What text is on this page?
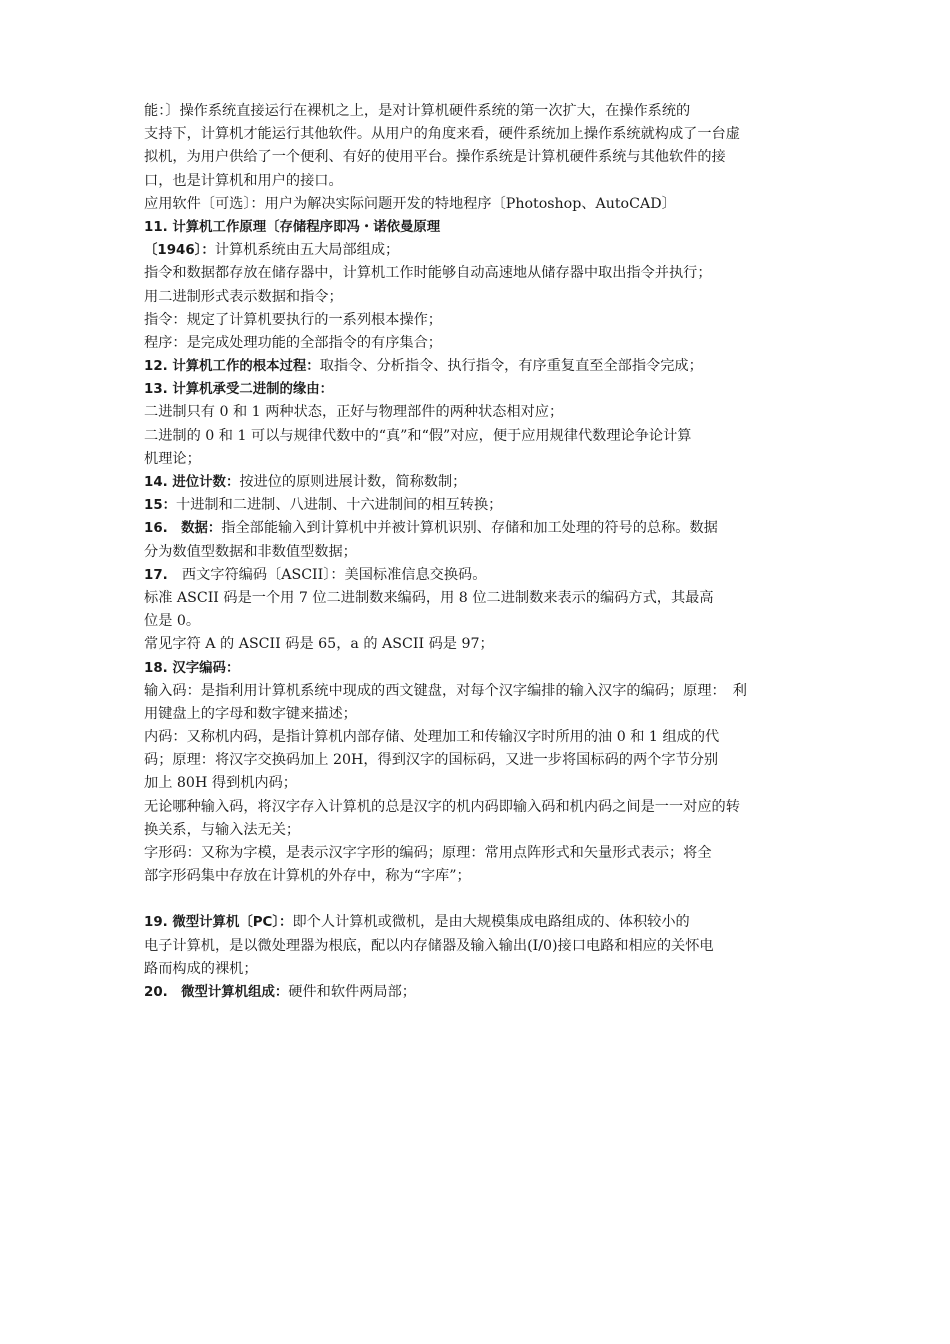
能：〕操作系统直接运行在裸机之上，是对计算机硬件系统的第一次扩大，在操作系统的
支持下，计算机才能运行其他软件。从用户的角度来看，硬件系统加上操作系统就构成了一台虚
拟机，为用户供给了一个便利、有好的使用平台。操作系统是计算机硬件系统与其他软件的接
口，也是计算机和用户的接口。
应用软件〔可选〕：用户为解决实际问题开发的特地程序〔Photoshop、AutoCAD〕
11. 计算机工作原理〔存储程序即冯・诺依曼原理
〔1946〕：计算机系统由五大局部组成；
指令和数据都存放在储存器中，计算机工作时能够自动高速地从储存器中取出指令并执行；
用二进制形式表示数据和指令；
指令：规定了计算机要执行的一系列根本操作；
程序：是完成处理功能的全部指令的有序集合；
12. 计算机工作的根本过程：取指令、分析指令、执行指令，有序重复直至全部指令完成；
13. 计算机承受二进制的缘由：
二进制只有 0 和 1 两种状态，正好与物理部件的两种状态相对应；
二进制的 0 和 1 可以与规律代数中的“真”和“假”对应，便于应用规律代数理论争论计算
机理论；
14. 进位计数：按进位的原则进展计数，简称数制；
15：十进制和二进制、八进制、十六进制间的相互转换；
16.　数据：指全部能输入到计算机中并被计算机识别、存储和加工处理的符号的总称。数据
分为数值型数据和非数值型数据；
17.　西文字符编码〔ASCII〕：美国标准信息交换码。
标准 ASCII 码是一个用 7 位二进制数来编码，用 8 位二进制数来表示的编码方式，其最高
位是 0。
常见字符 A 的 ASCII 码是 65，a 的 ASCII 码是 97；
18. 汉字编码：
输入码：是指利用计算机系统中现成的西文键盘，对每个汉字编排的输入汉字的编码；原理：　利
用键盘上的字母和数字键来描述；
内码：又称机内码，是指计算机内部存储、处理加工和传输汉字时所用的油 0 和 1 组成的代
码；原理：将汉字交换码加上 20H，得到汉字的国标码，又进一步将国标码的两个字节分别
加上 80H 得到机内码；
无论哪种输入码，将汉字存入计算机的总是汉字的机内码即输入码和机内码之间是一一对应的转
换关系，与输入法无关；
字形码：又称为字模，是表示汉字字形的编码；原理：常用点阵形式和矢量形式表示；将全
部字形码集中存放在计算机的外存中，称为“字库”；
19. 微型计算机〔PC〕：即个人计算机或微机，是由大规模集成电路组成的、体积较小的
电子计算机，是以微处理器为根底，配以内存储器及输入输出(I/0)接口电路和相应的关怀电
路而构成的裸机；
20.　微型计算机组成：硬件和软件两局部；
